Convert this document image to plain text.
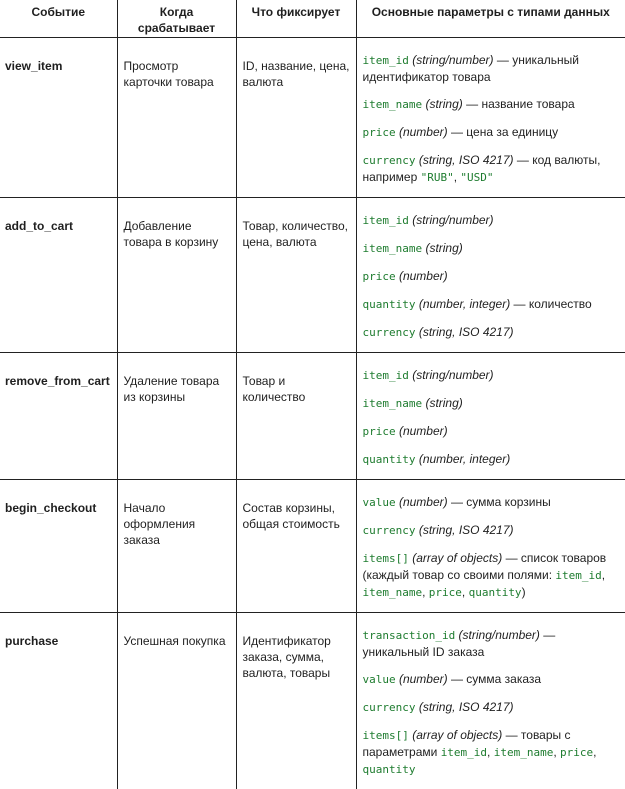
Событие	Когда срабатывает	Что фиксирует	Основные параметры с типами данных
view_item	Просмотр карточки товара	ID, название, цена, валюта	item_id (string/number) — уникальный идентификатор товара
item_name (string) — название товара
price (number) — цена за единицу
currency (string, ISO 4217) — код валюты, например "RUB", "USD"

add_to_cart	Добавление товара в корзину	Товар, количество, цена, валюта	item_id (string/number)
item_name (string)
price (number)
quantity (number, integer) — количество
currency (string, ISO 4217)

remove_from_cart	Удаление товара из корзины	Товар и количество	item_id (string/number)
item_name (string)
price (number)
quantity (number, integer)

begin_checkout	Начало оформления заказа	Состав корзины, общая стоимость	value (number) — сумма корзины
currency (string, ISO 4217)
items[] (array of objects) — список товаров (каждый товар со своими полями: item_id, item_name, price, quantity)

purchase	Успешная покупка	Идентификатор заказа, сумма, валюта, товары	transaction_id (string/number) — уникальный ID заказа
value (number) — сумма заказа
currency (string, ISO 4217)
items[] (array of objects) — товары с параметрами item_id, item_name, price, quantity
